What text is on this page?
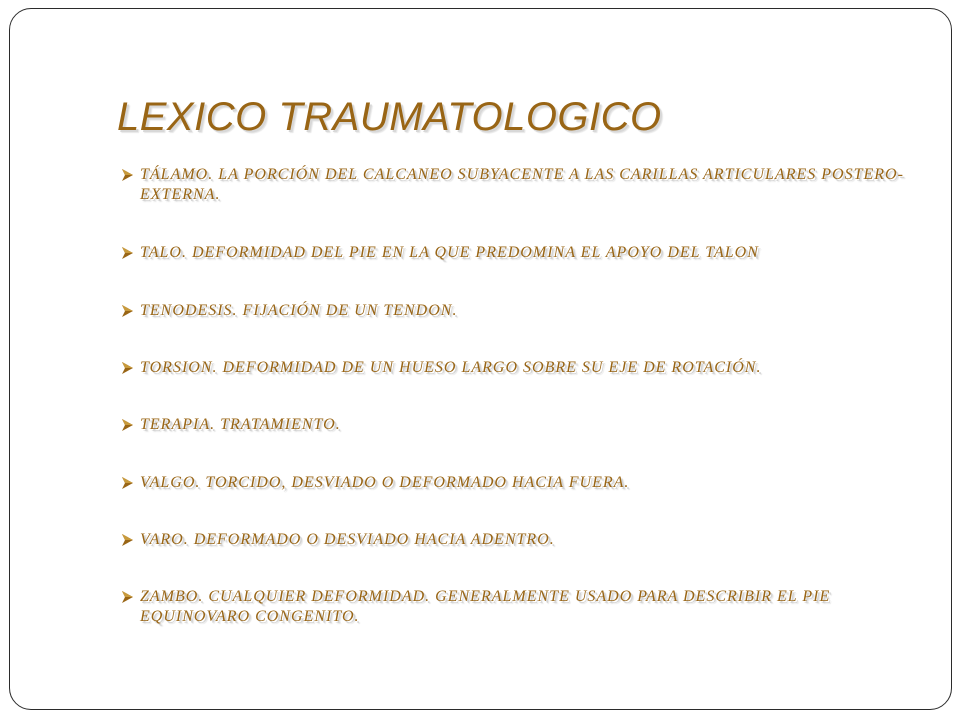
LEXICO TRAUMATOLOGICO
TÁLAMO. LA PORCIÓN DEL CALCANEO SUBYACENTE A LAS CARILLAS ARTICULARES POSTERO-EXTERNA.
TALO. DEFORMIDAD DEL PIE EN LA QUE PREDOMINA EL APOYO DEL TALON
TENODESIS. FIJACIÓN DE UN TENDON.
TORSION. DEFORMIDAD DE UN HUESO LARGO SOBRE SU EJE DE ROTACIÓN.
TERAPIA. TRATAMIENTO.
VALGO. TORCIDO, DESVIADO O DEFORMADO HACIA FUERA.
VARO. DEFORMADO O DESVIADO HACIA ADENTRO.
ZAMBO. CUALQUIER DEFORMIDAD. GENERALMENTE USADO PARA DESCRIBIR EL PIE EQUINOVARO CONGENITO.
